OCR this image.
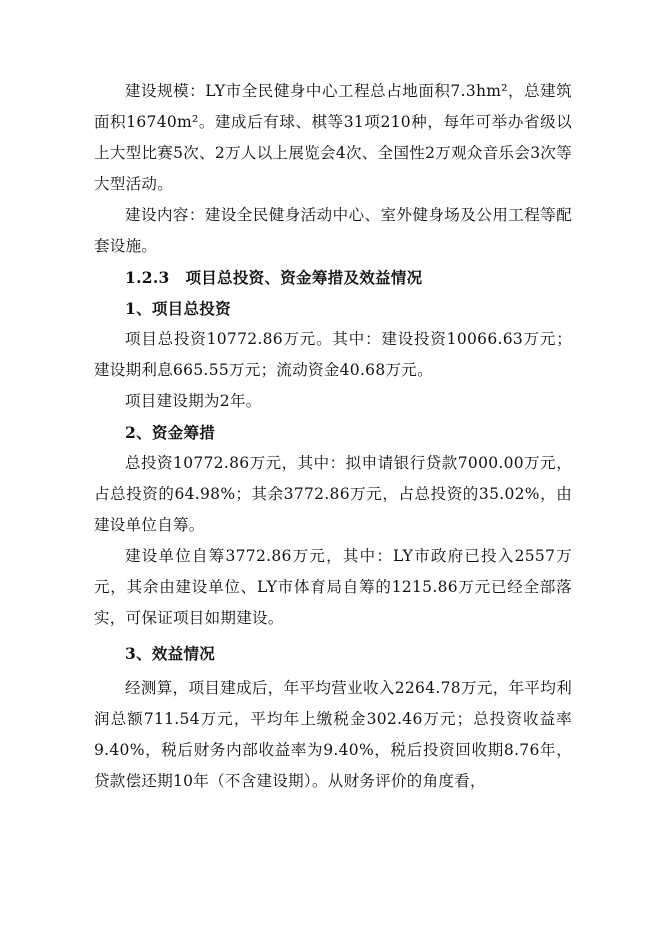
建设规模：LY市全民健身中心工程总占地面积7.3hm²，总建筑面积16740m²。建成后有球、棋等31项210种，每年可举办省级以上大型比赛5次、2万人以上展览会4次、全国性2万观众音乐会3次等大型活动。

建设内容：建设全民健身活动中心、室外健身场及公用工程等配套设施。

1.2.3　项目总投资、资金筹措及效益情况

1、项目总投资

项目总投资10772.86万元。其中：建设投资10066.63万元；建设期利息665.55万元；流动资金40.68万元。

项目建设期为2年。

2、资金筹措

总投资10772.86万元，其中：拟申请银行贷款7000.00万元，占总投资的64.98%；其余3772.86万元，占总投资的35.02%，由建设单位自筹。

建设单位自筹3772.86万元，其中：LY市政府已投入2557万元，其余由建设单位、LY市体育局自筹的1215.86万元已经全部落实，可保证项目如期建设。

3、效益情况

经测算，项目建成后，年平均营业收入2264.78万元，年平均利润总额711.54万元，平均年上缴税金302.46万元；总投资收益率9.40%，税后财务内部收益率为9.40%，税后投资回收期8.76年，贷款偿还期10年（不含建设期）。从财务评价的角度看，
